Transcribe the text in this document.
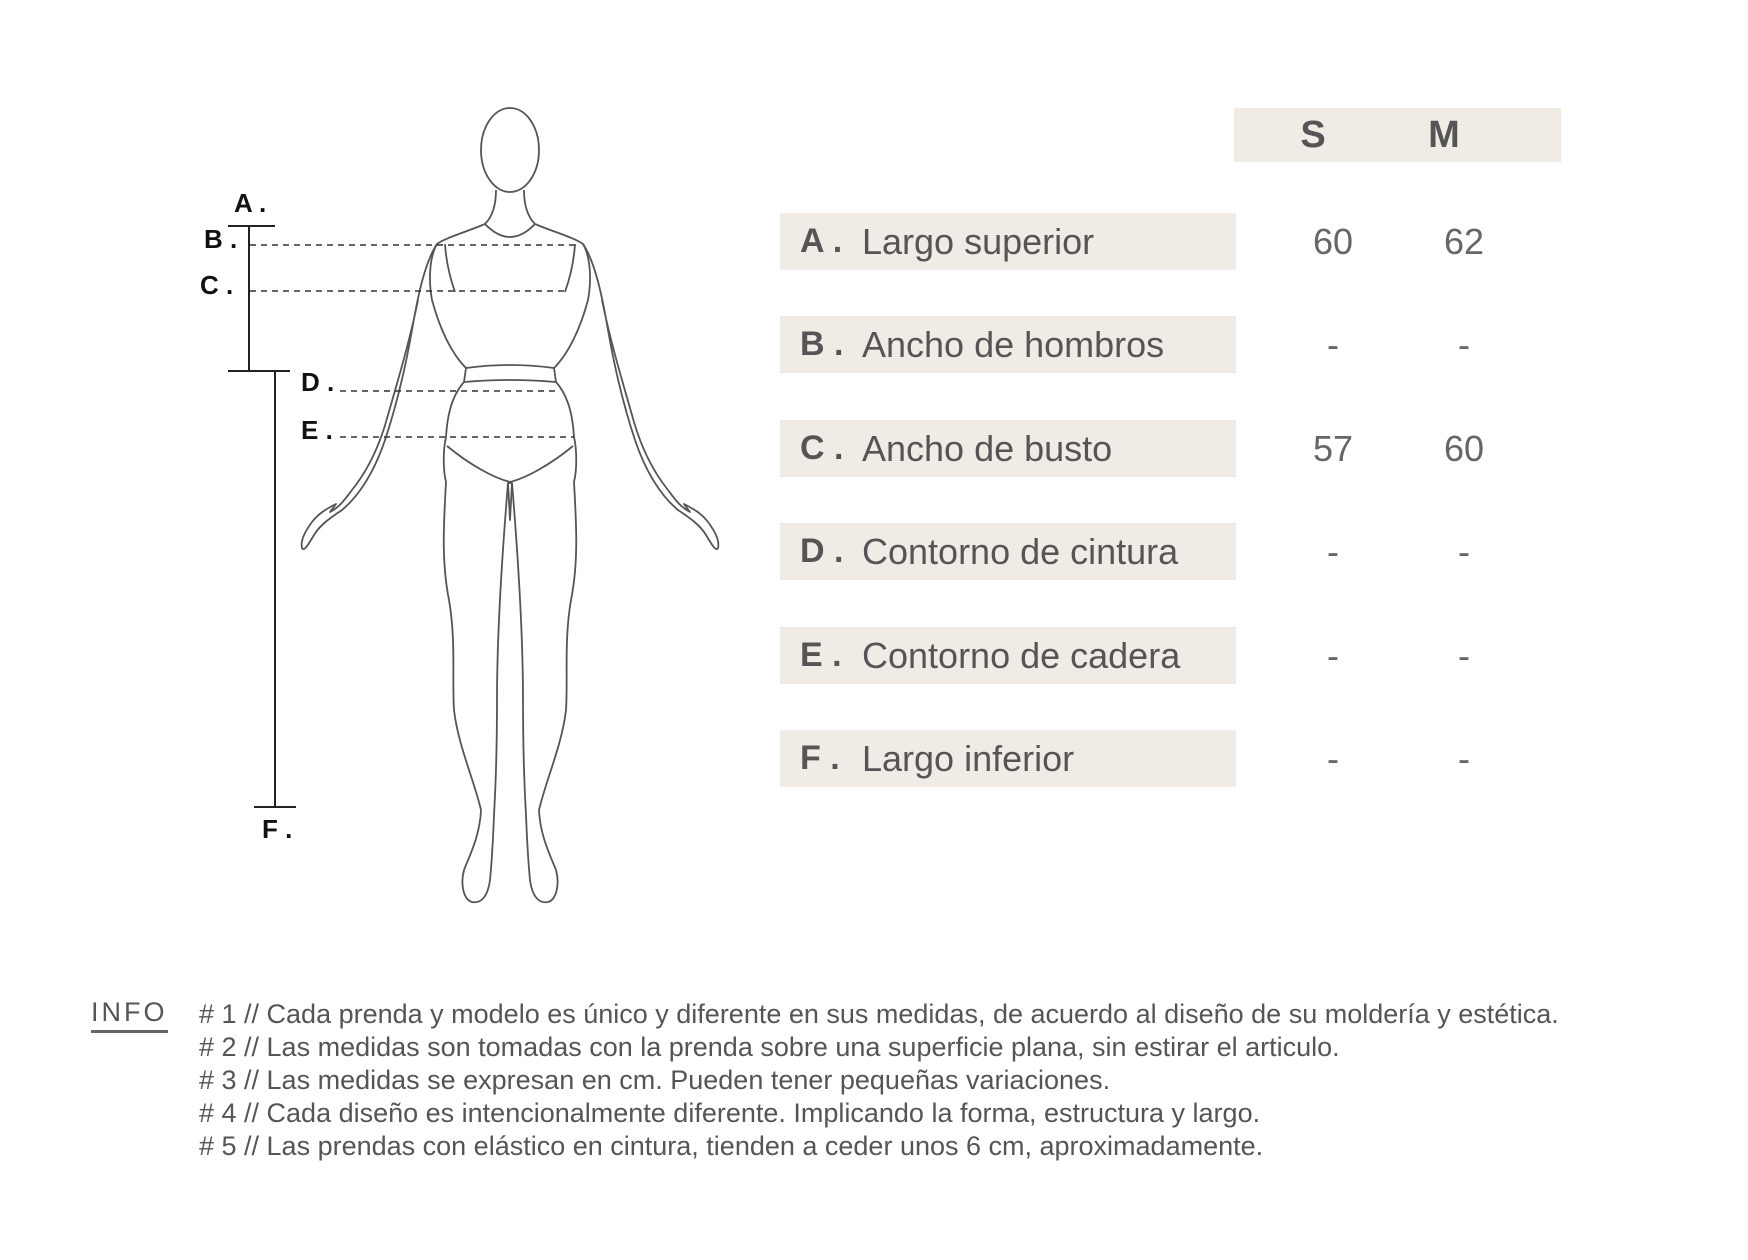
A .
B .
C .
D .
E .
F .
S	M
A . Largo superior	60	62
B . Ancho de hombros	-	-
C . Ancho de busto	57	60
D . Contorno de cintura	-	-
E . Contorno de cadera	-	-
F . Largo inferior	-	-
INFO # 1 // Cada prenda y modelo es único y diferente en sus medidas, de acuerdo al diseño de su moldería y estética.
# 2 // Las medidas son tomadas con la prenda sobre una superficie plana, sin estirar el articulo.
# 3 // Las medidas se expresan en cm. Pueden tener pequeñas variaciones.
# 4 // Cada diseño es intencionalmente diferente. Implicando la forma, estructura y largo.
# 5 // Las prendas con elástico en cintura, tienden a ceder unos 6 cm, aproximadamente.
